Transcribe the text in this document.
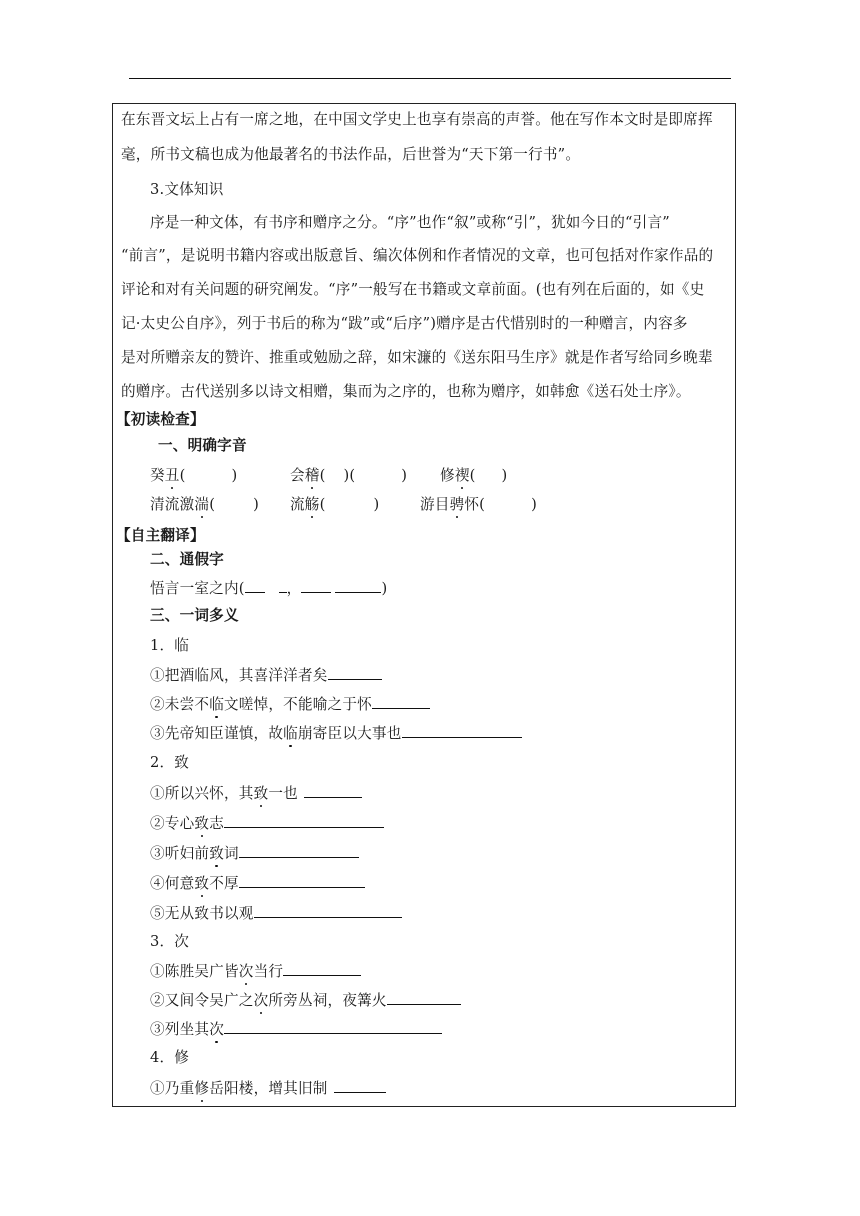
在东晋文坛上占有一席之地，在中国文学史上也享有崇高的声誉。他在写作本文时是即席挥
毫，所书文稿也成为他最著名的书法作品，后世誉为“天下第一行书”。
3.文体知识
序是一种文体，有书序和赠序之分。“序”也作“叙”或称“引”，犹如今日的“引言”
“前言”，是说明书籍内容或出版意旨、编次体例和作者情况的文章，也可包括对作家作品的
评论和对有关问题的研究阐发。“序”一般写在书籍或文章前面。(也有列在后面的，如《史
记·太史公自序》，列于书后的称为“跋”或“后序”)赠序是古代惜别时的一种赠言，内容多
是对所赠亲友的赞许、推重或勉励之辞，如宋濂的《送东阳马生序》就是作者写给同乡晚辈
的赠序。古代送别多以诗文相赠，集而为之序的，也称为赠序，如韩愈《送石处士序》。
【初读检查】
一、明确字音
癸丑(	)	会稽( )(	) 修禊( )
清流激湍(	) 流觞(	)	游目骋怀(	)
【自主翻译】
二、通假字
悟言一室之内(	，	)
三、一词多义
1．临
①把酒临风，其喜洋洋者矣
②未尝不临文嗟悼，不能喻之于怀
③先帝知臣谨慎，故临崩寄臣以大事也
2．致
①所以兴怀，其致一也
②专心致志
③听妇前致词
④何意致不厚
⑤无从致书以观
3．次
①陈胜吴广皆次当行
②又间令吴广之次所旁丛祠，夜篝火
③列坐其次
4．修
①乃重修岳阳楼，增其旧制
